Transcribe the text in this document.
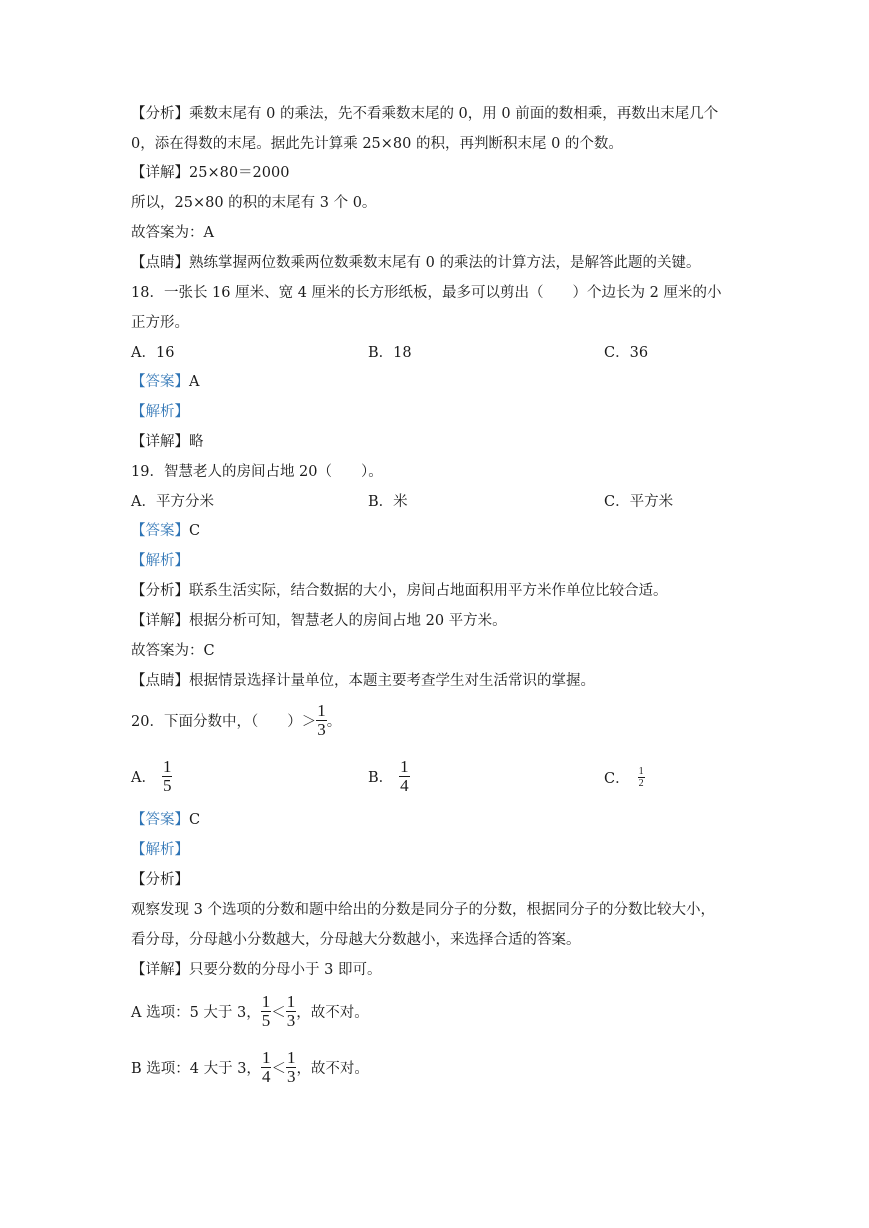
【分析】乘数末尾有 0 的乘法，先不看乘数末尾的 0，用 0 前面的数相乘，再数出末尾几个
0，添在得数的末尾。据此先计算乘 25×80 的积，再判断积末尾 0 的个数。
【详解】25×80＝2000
所以，25×80 的积的末尾有 3 个 0。
故答案为：A
【点睛】熟练掌握两位数乘两位数乘数末尾有 0 的乘法的计算方法，是解答此题的关键。
18．一张长 16 厘米、宽 4 厘米的长方形纸板，最多可以剪出（　　）个边长为 2 厘米的小
正方形。
A．16	B．18	C．36
【答案】A
【解析】
【详解】略
19．智慧老人的房间占地 20（　　）。
A．平方分米	B．米	C．平方米
【答案】C
【解析】
【分析】联系生活实际，结合数据的大小，房间占地面积用平方米作单位比较合适。
【详解】根据分析可知，智慧老人的房间占地 20 平方米。
故答案为：C
【点睛】根据情景选择计量单位，本题主要考查学生对生活常识的掌握。
20．下面分数中，（　　）＞ $\frac{1}{3}$ 。
A． $\frac{1}{5}$	B． $\frac{1}{4}$	C． $\frac{1}{2}$
【答案】C
【解析】
【分析】
观察发现 3 个选项的分数和题中给出的分数是同分子的分数，根据同分子的分数比较大小，
看分母，分母越小分数越大，分母越大分数越小，来选择合适的答案。
【详解】只要分数的分母小于 3 即可。
A 选项：5 大于 3， $\frac{1}{5} < \frac{1}{3}$ ，故不对。
B 选项：4 大于 3， $\frac{1}{4} < \frac{1}{3}$ ，故不对。
